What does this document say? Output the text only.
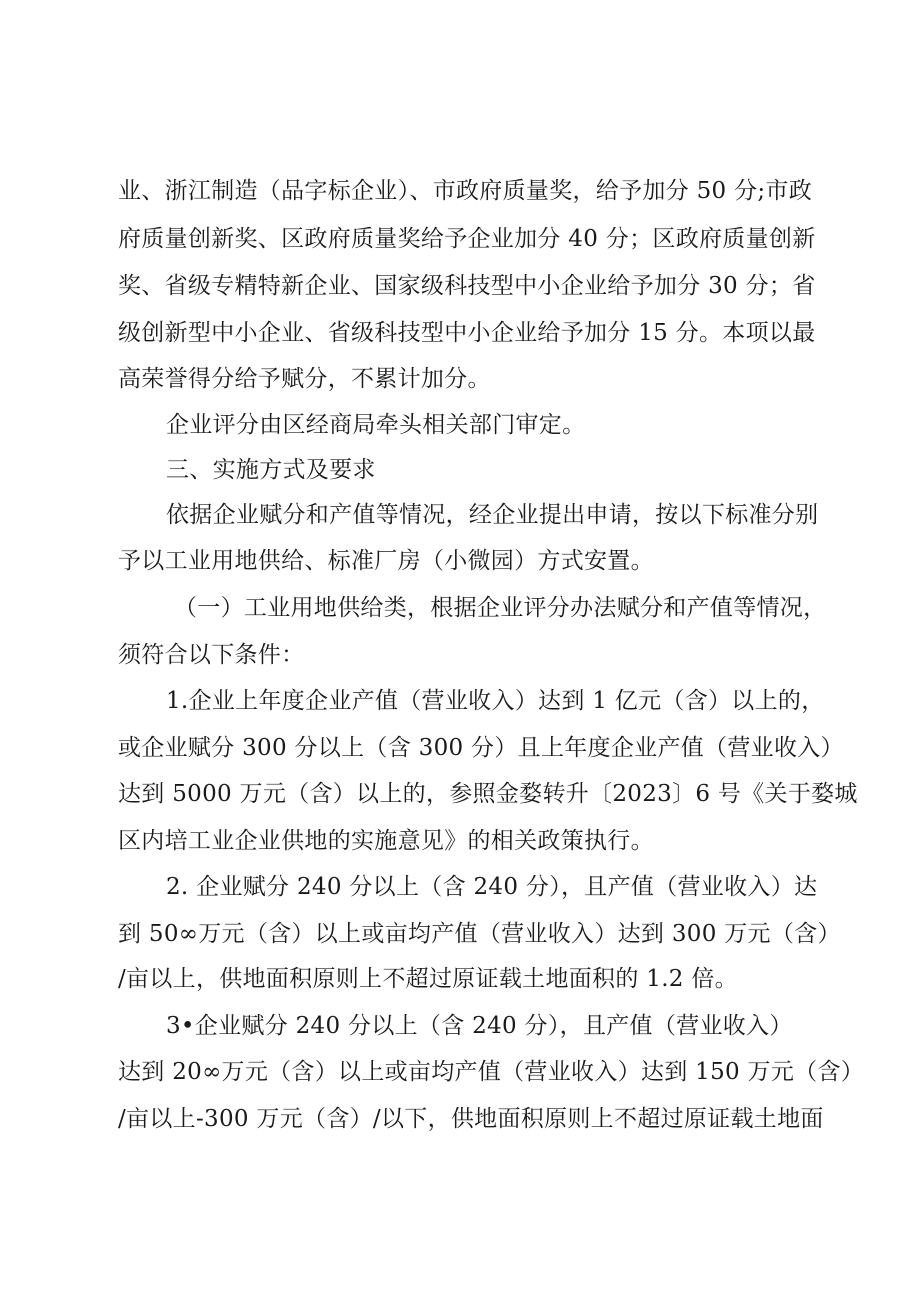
业、浙江制造（品字标企业）、市政府质量奖，给予加分 50 分;市政
府质量创新奖、区政府质量奖给予企业加分 40 分；区政府质量创新
奖、省级专精特新企业、国家级科技型中小企业给予加分 30 分；省
级创新型中小企业、省级科技型中小企业给予加分 15 分。本项以最
高荣誉得分给予赋分，不累计加分。
企业评分由区经商局牵头相关部门审定。
三、实施方式及要求
依据企业赋分和产值等情况，经企业提出申请，按以下标准分别
予以工业用地供给、标准厂房（小微园）方式安置。
（一）工业用地供给类，根据企业评分办法赋分和产值等情况，
须符合以下条件：
1.企业上年度企业产值（营业收入）达到 1 亿元（含）以上的，
或企业赋分 300 分以上（含 300 分）且上年度企业产值（营业收入）
达到 5000 万元（含）以上的，参照金婺转升〔2023〕6 号《关于婺城
区内培工业企业供地的实施意见》的相关政策执行。
2. 企业赋分 240 分以上（含 240 分），且产值（营业收入）达
到 50∞万元（含）以上或亩均产值（营业收入）达到 300 万元（含）
/亩以上，供地面积原则上不超过原证载土地面积的 1.2 倍。
3•企业赋分 240 分以上（含 240 分），且产值（营业收入）
达到 20∞万元（含）以上或亩均产值（营业收入）达到 150 万元（含）
/亩以上-300 万元（含）/以下，供地面积原则上不超过原证载土地面
